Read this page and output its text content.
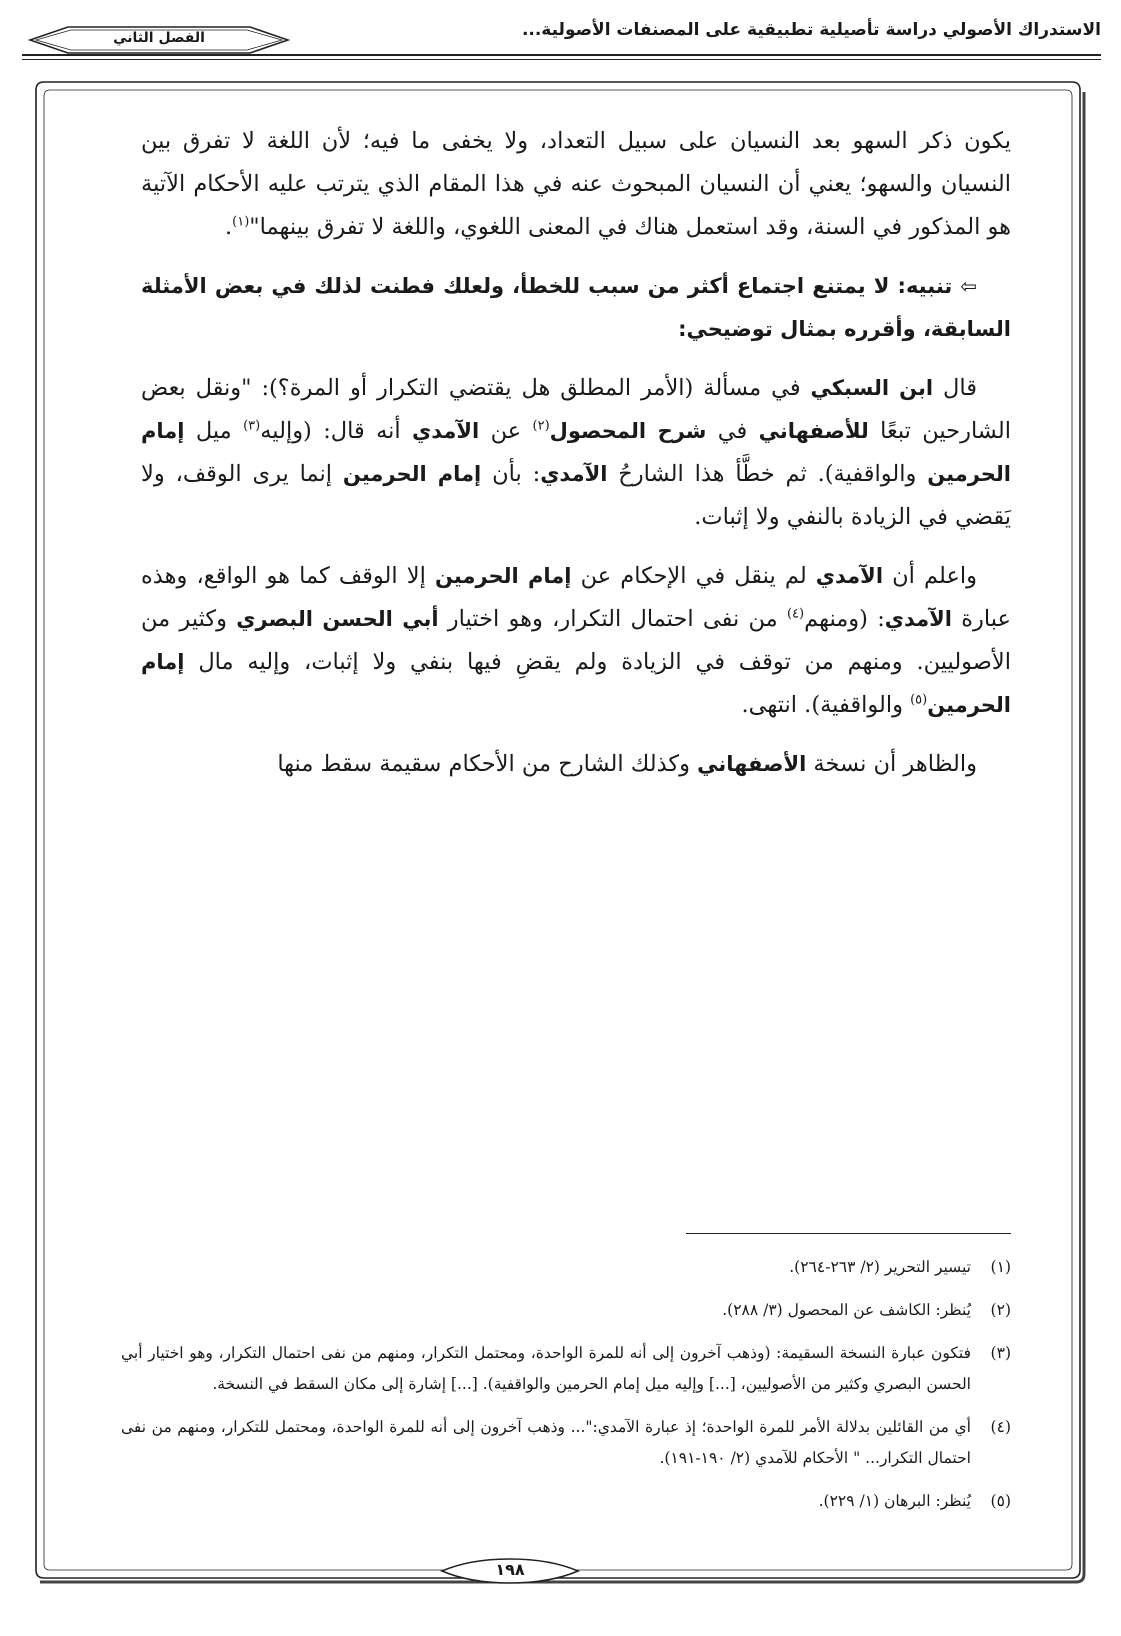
الاستدراك الأصولي دراسة تأصيلية تطبيقية على المصنفات الأصولية...
الفصل الثاني

يكون ذكر السهو بعد النسيان على سبيل التعداد، ولا يخفى ما فيه؛ لأن اللغة لا تفرق بين النسيان والسهو؛ يعني أن النسيان المبحوث عنه في هذا المقام الذي يترتب عليه الأحكام الآتية هو المذكور في السنة، وقد استعمل هناك في المعنى اللغوي، واللغة لا تفرق بينهما"$^{(١)}$.

⇦ تنبيه: لا يمتنع اجتماع أكثر من سبب للخطأ، ولعلك فطنت لذلك في بعض الأمثلة السابقة، وأقرره بمثال توضيحي:

قال ابن السبكي في مسألة (الأمر المطلق هل يقتضي التكرار أو المرة؟): "ونقل بعض الشارحين تبعًا للأصفهاني في شرح المحصول$^{(٢)}$ عن الآمدي أنه قال: (وإليه$^{(٣)}$ ميل إمام الحرمين والواقفية). ثم خطَّأ هذا الشارحُ الآمدي: بأن إمام الحرمين إنما يرى الوقف، ولا يَقضي في الزيادة بالنفي ولا إثبات.

واعلم أن الآمدي لم ينقل في الإحكام عن إمام الحرمين إلا الوقف كما هو الواقع، وهذه عبارة الآمدي: (ومنهم$^{(٤)}$ من نفى احتمال التكرار، وهو اختيار أبي الحسن البصري وكثير من الأصوليين. ومنهم من توقف في الزيادة ولم يقضِ فيها بنفي ولا إثبات، وإليه مال إمام الحرمين$^{(٥)}$ والواقفية). انتهى.

والظاهر أن نسخة الأصفهاني وكذلك الشارح من الأحكام سقيمة سقط منها

(١)
تيسير التحرير (٢/ ٢٦٣-٢٦٤).
(٢)
يُنظر: الكاشف عن المحصول (٣/ ٢٨٨).
(٣)
فتكون عبارة النسخة السقيمة: (وذهب آخرون إلى أنه للمرة الواحدة، ومحتمل التكرار، ومنهم من نفى احتمال التكرار، وهو اختيار أبي الحسن البصري وكثير من الأصوليين، [...] وإليه ميل إمام الحرمين والواقفية). [...] إشارة إلى مكان السقط في النسخة.
(٤)
أي من القائلين بدلالة الأمر للمرة الواحدة؛ إذ عبارة الآمدي:"... وذهب آخرون إلى أنه للمرة الواحدة، ومحتمل للتكرار، ومنهم من نفى احتمال التكرار... " الأحكام للآمدي (٢/ ١٩٠-١٩١).
(٥)
يُنظر: البرهان (١/ ٢٢٩).
١٩٨
